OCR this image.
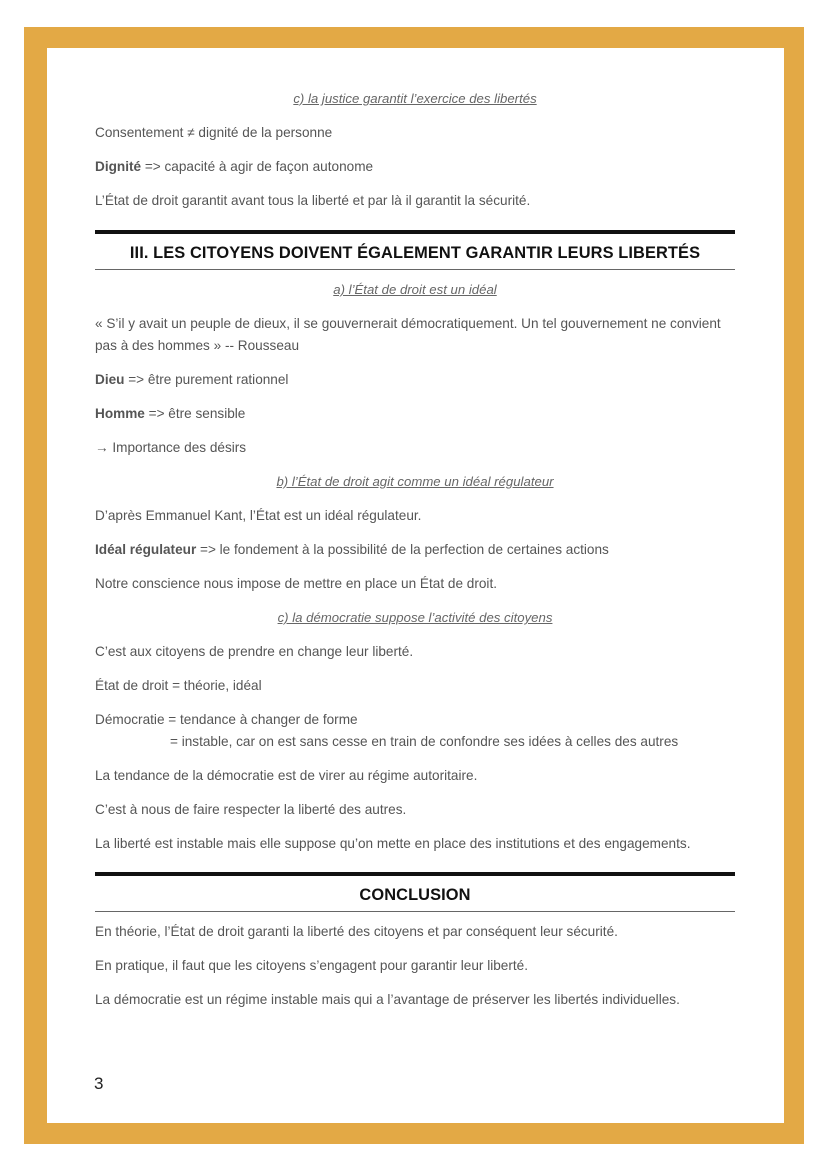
c) la justice garantit l’exercice des libertés

Consentement ≠ dignité de la personne

Dignité => capacité à agir de façon autonome

L’État de droit garantit avant tous la liberté et par là il garantit la sécurité.

III. LES CITOYENS DOIVENT ÉGALEMENT GARANTIR LEURS LIBERTÉS

a) l’État de droit est un idéal

« S’il y avait un peuple de dieux, il se gouvernerait démocratiquement. Un tel gouvernement ne convient pas à des hommes » -- Rousseau

Dieu => être purement rationnel

Homme => être sensible

→ Importance des désirs

b) l’État de droit agit comme un idéal régulateur

D’après Emmanuel Kant, l’État est un idéal régulateur.

Idéal régulateur => le fondement à la possibilité de la perfection de certaines actions

Notre conscience nous impose de mettre en place un État de droit.

c) la démocratie suppose l’activité des citoyens

C’est aux citoyens de prendre en change leur liberté.

État de droit = théorie, idéal

Démocratie = tendance à changer de forme

= instable, car on est sans cesse en train de confondre ses idées à celles des autres

La tendance de la démocratie est de virer au régime autoritaire.

C’est à nous de faire respecter la liberté des autres.

La liberté est instable mais elle suppose qu’on mette en place des institutions et des engagements.

CONCLUSION

En théorie, l’État de droit garanti la liberté des citoyens et par conséquent leur sécurité.

En pratique, il faut que les citoyens s’engagent pour garantir leur liberté.

La démocratie est un régime instable mais qui a l’avantage de préserver les libertés individuelles.

3
